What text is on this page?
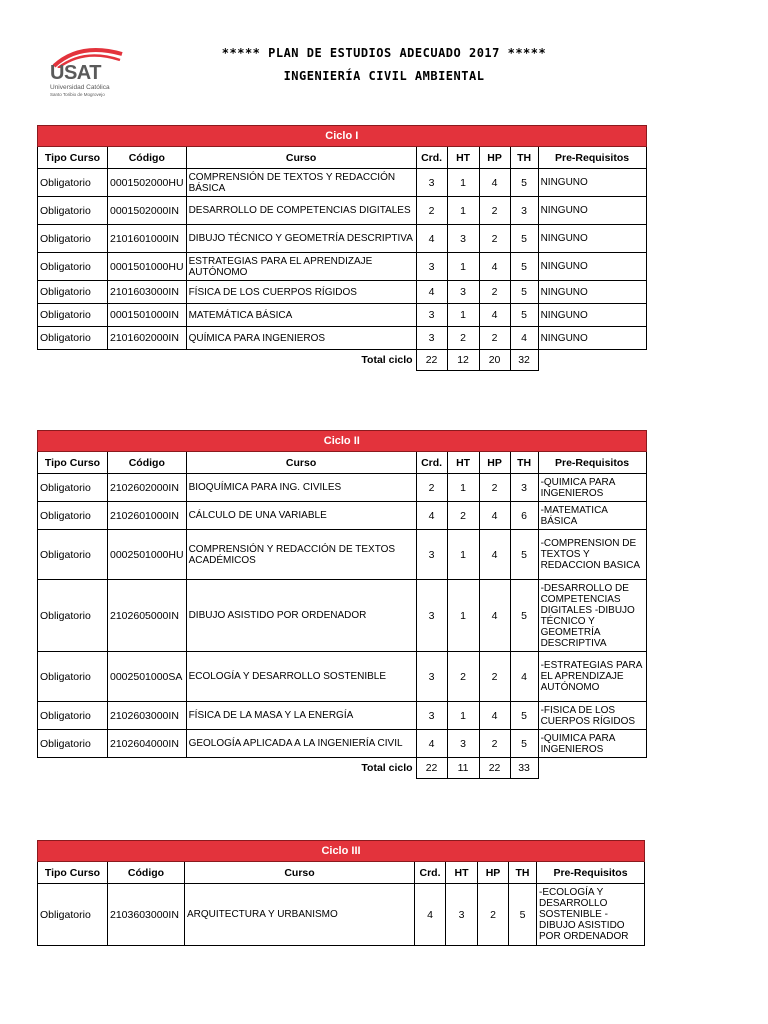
USAT
Universidad Católica
Santo Toribio de Mogrovejo
***** PLAN DE ESTUDIOS ADECUADO 2017 *****
INGENIERÍA CIVIL AMBIENTAL
Ciclo I							
Tipo Curso	Código	Curso	Crd.	HT	HP	TH	Pre-Requisitos
Obligatorio	0001502000HU	COMPRENSIÓN DE TEXTOS Y REDACCIÓN BÁSICA	3	1	4	5	NINGUNO
Obligatorio	0001502000IN	DESARROLLO DE COMPETENCIAS DIGITALES	2	1	2	3	NINGUNO
Obligatorio	2101601000IN	DIBUJO TÉCNICO Y GEOMETRÍA DESCRIPTIVA	4	3	2	5	NINGUNO
Obligatorio	0001501000HU	ESTRATEGIAS PARA EL APRENDIZAJE AUTÓNOMO	3	1	4	5	NINGUNO
Obligatorio	2101603000IN	FÍSICA DE LOS CUERPOS RÍGIDOS	4	3	2	5	NINGUNO
Obligatorio	0001501000IN	MATEMÁTICA BÁSICA	3	1	4	5	NINGUNO
Obligatorio	2101602000IN	QUÍMICA PARA INGENIEROS	3	2	2	4	NINGUNO
		Total ciclo	22	12	20	32	
Ciclo II							
Tipo Curso	Código	Curso	Crd.	HT	HP	TH	Pre-Requisitos
Obligatorio	2102602000IN	BIOQUÍMICA PARA ING. CIVILES	2	1	2	3	-QUIMICA PARA INGENIEROS
Obligatorio	2102601000IN	CÁLCULO DE UNA VARIABLE	4	2	4	6	-MATEMATICA BÁSICA
Obligatorio	0002501000HU	COMPRENSIÓN Y REDACCIÓN DE TEXTOS ACADÉMICOS	3	1	4	5	-COMPRENSION DE TEXTOS Y REDACCION BASICA
Obligatorio	2102605000IN	DIBUJO ASISTIDO POR ORDENADOR	3	1	4	5	-DESARROLLO DE COMPETENCIAS DIGITALES -DIBUJO TÉCNICO Y GEOMETRÍA DESCRIPTIVA
Obligatorio	0002501000SA	ECOLOGÍA Y DESARROLLO SOSTENIBLE	3	2	2	4	-ESTRATEGIAS PARA EL APRENDIZAJE AUTÓNOMO
Obligatorio	2102603000IN	FÍSICA DE LA MASA Y LA ENERGÍA	3	1	4	5	-FISICA DE LOS CUERPOS RÍGIDOS
Obligatorio	2102604000IN	GEOLOGÍA APLICADA A LA INGENIERÍA CIVIL	4	3	2	5	-QUIMICA PARA INGENIEROS
		Total ciclo	22	11	22	33	
Ciclo III							
Tipo Curso	Código	Curso	Crd.	HT	HP	TH	Pre-Requisitos
Obligatorio	2103603000IN	ARQUITECTURA Y URBANISMO	4	3	2	5	-ECOLOGÍA Y DESARROLLO SOSTENIBLE - DIBUJO ASISTIDO POR ORDENADOR
